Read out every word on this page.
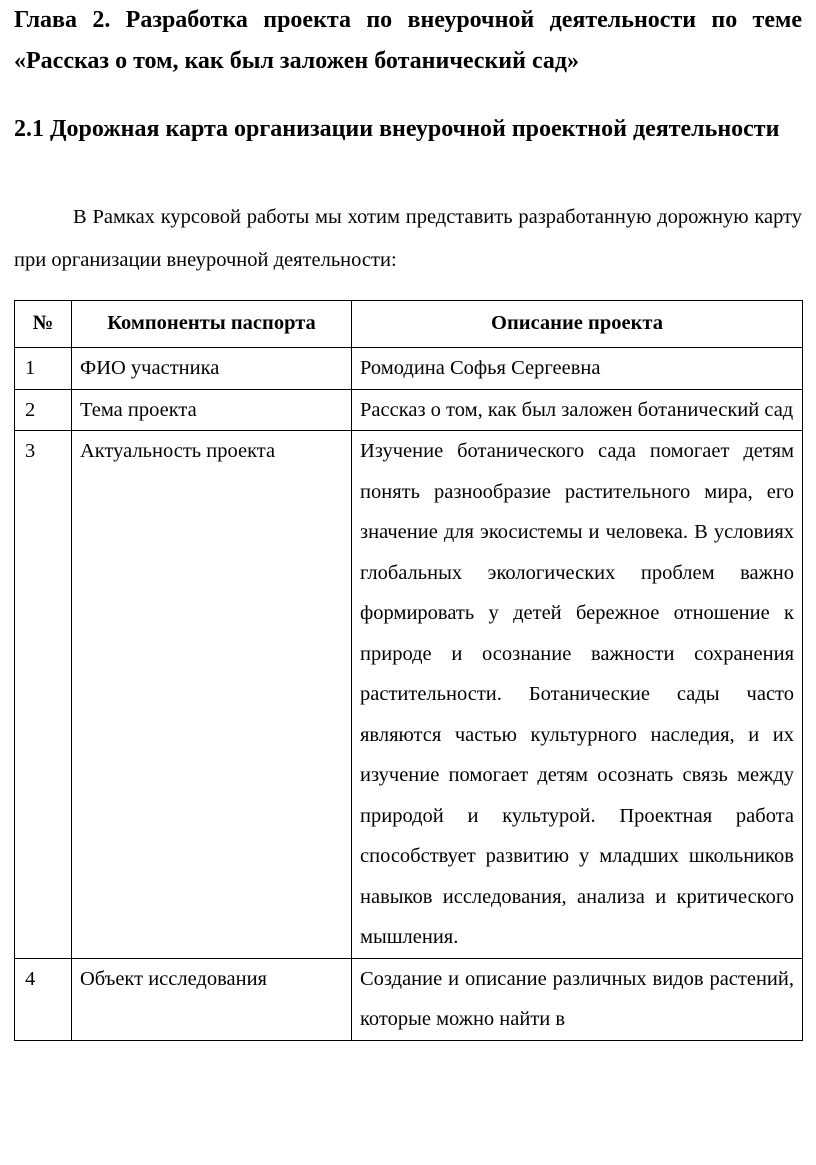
Глава 2. Разработка проекта по внеурочной деятельности по теме «Рассказ о том, как был заложен ботанический сад»
2.1 Дорожная карта организации внеурочной проектной деятельности

В Рамках курсовой работы мы хотим представить разработанную дорожную карту при организации внеурочной деятельности:

№	Компоненты паспорта	Описание проекта
1	ФИО участника	Ромодина Софья Сергеевна
2	Тема проекта	Рассказ о том, как был заложен ботанический сад
3	Актуальность проекта	Изучение ботанического сада помогает детям понять разнообразие растительного мира, его значение для экосистемы и человека. В условиях глобальных экологических проблем важно формировать у детей бережное отношение к природе и осознание важности сохранения растительности. Ботанические сады часто являются частью культурного наследия, и их изучение помогает детям осознать связь между природой и культурой. Проектная работа способствует развитию у младших школьников навыков исследования, анализа и критического мышления.
4	Объект исследования	Создание и описание различных видов растений, которые можно найти в
